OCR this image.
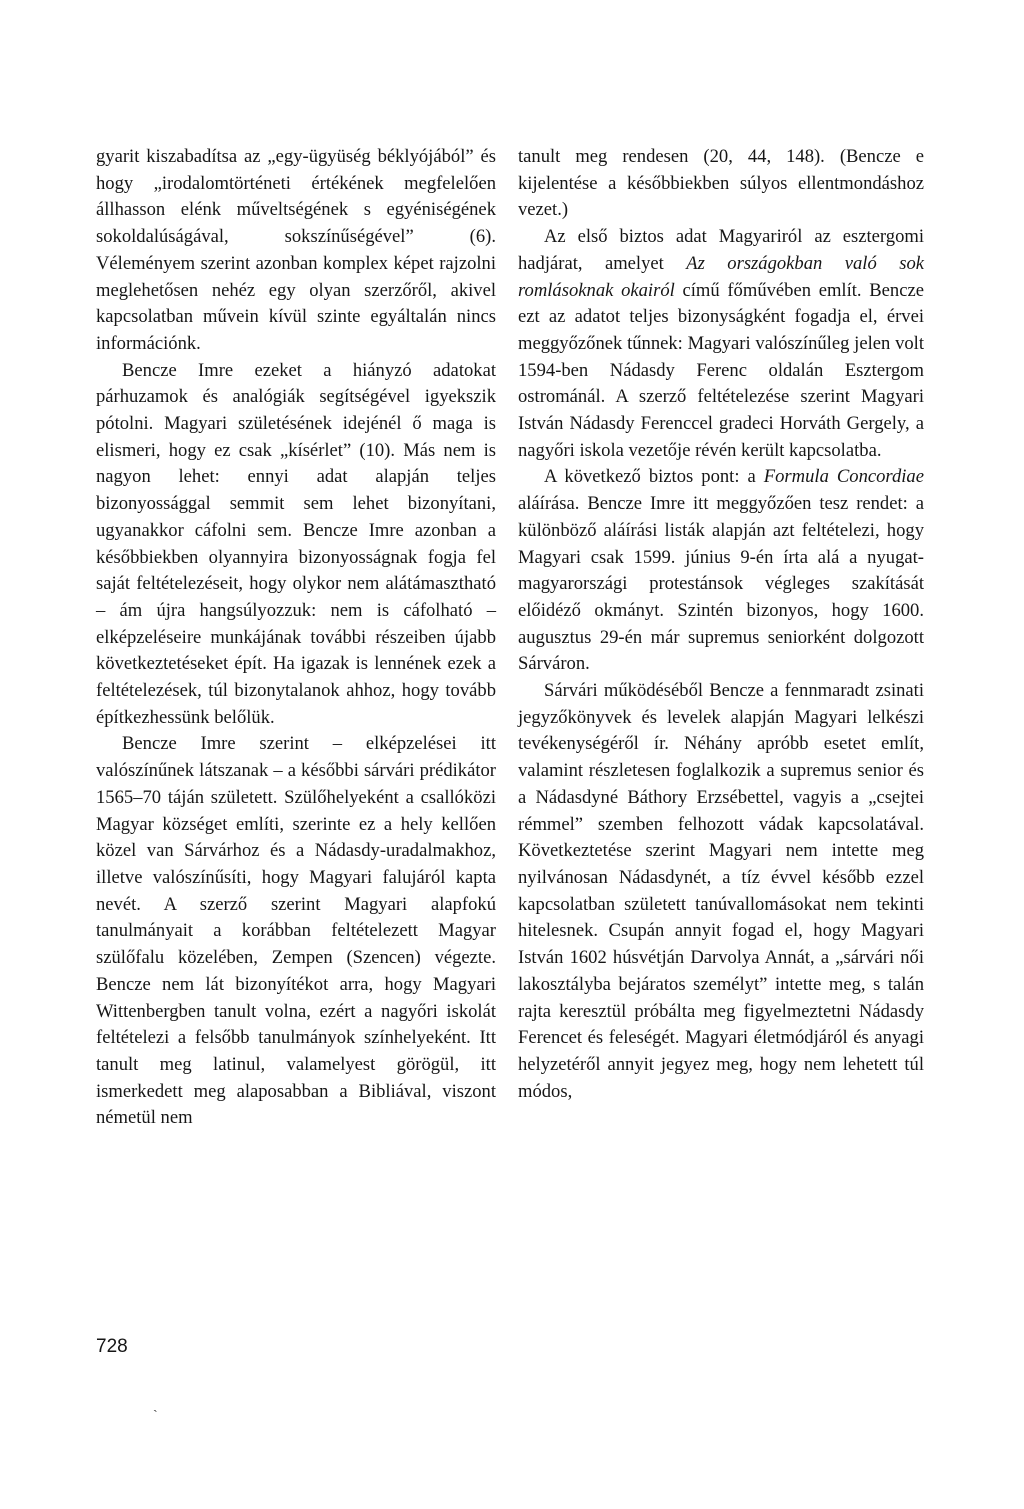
gyarit kiszabadítsa az „egy-ügyüség béklyójából” és hogy „irodalomtörténeti értékének megfelelően állhasson elénk műveltségének s egyéniségének sokoldalúságával, sokszínűségével” (6). Véleményem szerint azonban komplex képet rajzolni meglehetősen nehéz egy olyan szerzőről, akivel kapcsolatban művein kívül szinte egyáltalán nincs információnk.

Bencze Imre ezeket a hiányzó adatokat párhuzamok és analógiák segítségével igyekszik pótolni. Magyari születésének idejénél ő maga is elismeri, hogy ez csak „kísérlet” (10). Más nem is nagyon lehet: ennyi adat alapján teljes bizonyossággal semmit sem lehet bizonyítani, ugyanakkor cáfolni sem. Bencze Imre azonban a későbbiekben olyannyira bizonyosságnak fogja fel saját feltételezéseit, hogy olykor nem alátámasztható – ám újra hangsúlyozzuk: nem is cáfolható – elképzeléseire munkájának további részeiben újabb következtetéseket épít. Ha igazak is lennének ezek a feltételezések, túl bizonytalanok ahhoz, hogy tovább építkezhessünk belőlük.

Bencze Imre szerint – elképzelései itt valószínűnek látszanak – a későbbi sárvári prédikátor 1565–70 táján született. Szülőhelyeként a csallóközi Magyar községet említi, szerinte ez a hely kellően közel van Sárvárhoz és a Nádasdy-uradalmakhoz, illetve valószínűsíti, hogy Magyari falujáról kapta nevét. A szerző szerint Magyari alapfokú tanulmányait a korábban feltételezett Magyar szülőfalu közelében, Zempen (Szencen) végezte. Bencze nem lát bizonyítékot arra, hogy Magyari Wittenbergben tanult volna, ezért a nagyőri iskolát feltételezi a felsőbb tanulmányok színhelyeként. Itt tanult meg latinul, valamelyest görögül, itt ismerkedett meg alaposabban a Bibliával, viszont németül nem

tanult meg rendesen (20, 44, 148). (Bencze e kijelentése a későbbiekben súlyos ellentmondáshoz vezet.)

Az első biztos adat Magyariról az esztergomi hadjárat, amelyet Az országokban való sok romlásoknak okairól című főművében említ. Bencze ezt az adatot teljes bizonyságként fogadja el, érvei meggyőzőnek tűnnek: Magyari valószínűleg jelen volt 1594-ben Nádasdy Ferenc oldalán Esztergom ostrománál. A szerző feltételezése szerint Magyari István Nádasdy Ferenccel gradeci Horváth Gergely, a nagyőri iskola vezetője révén került kapcsolatba.

A következő biztos pont: a Formula Concordiae aláírása. Bencze Imre itt meggyőzően tesz rendet: a különböző aláírási listák alapján azt feltételezi, hogy Magyari csak 1599. június 9-én írta alá a nyugat-magyarországi protestánsok végleges szakítását előidéző okmányt. Szintén bizonyos, hogy 1600. augusztus 29-én már supremus seniorként dolgozott Sárváron.

Sárvári működéséből Bencze a fennmaradt zsinati jegyzőkönyvek és levelek alapján Magyari lelkészi tevékenységéről ír. Néhány apróbb esetet említ, valamint részletesen foglalkozik a supremus senior és a Nádasdyné Báthory Erzsébettel, vagyis a „csejtei rémmel” szemben felhozott vádak kapcsolatával. Következtetése szerint Magyari nem intette meg nyilvánosan Nádasdynét, a tíz évvel később ezzel kapcsolatban született tanúvallomásokat nem tekinti hitelesnek. Csupán annyit fogad el, hogy Magyari István 1602 húsvétján Darvolya Annát, a „sárvári női lakosztályba bejáratos személyt” intette meg, s talán rajta keresztül próbálta meg figyelmeztetni Nádasdy Ferencet és feleségét. Magyari életmódjáról és anyagi helyzetéről annyit jegyez meg, hogy nem lehetett túl módos,

728
ˏ
